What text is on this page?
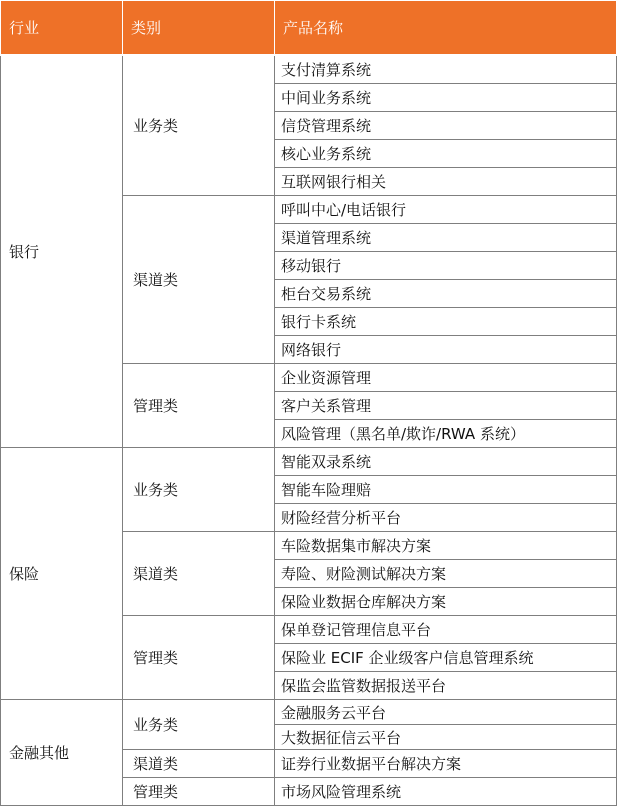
行业	类别	产品名称
银行	业务类	支付清算系统
		中间业务系统
		信贷管理系统
		核心业务系统
		互联网银行相关
	渠道类	呼叫中心/电话银行
		渠道管理系统
		移动银行
		柜台交易系统
		银行卡系统
		网络银行
	管理类	企业资源管理
		客户关系管理
		风险管理（黑名单/欺诈/RWA 系统）
保险	业务类	智能双录系统
		智能车险理赔
		财险经营分析平台
	渠道类	车险数据集市解决方案
		寿险、财险测试解决方案
		保险业数据仓库解决方案
	管理类	保单登记管理信息平台
		保险业 ECIF 企业级客户信息管理系统
		保监会监管数据报送平台
金融其他	业务类	金融服务云平台
		大数据征信云平台
	渠道类	证券行业数据平台解决方案
	管理类	市场风险管理系统
